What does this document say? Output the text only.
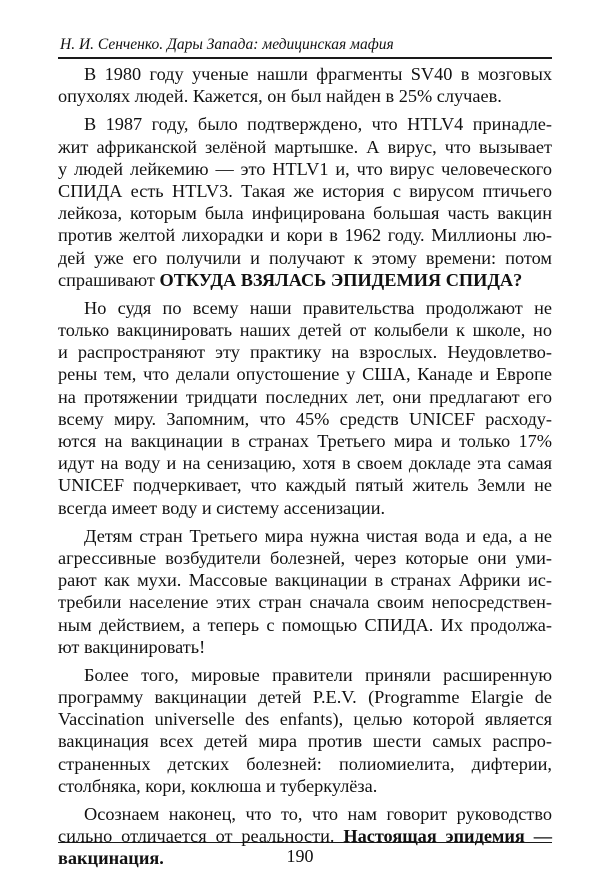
Н. И. Сенченко. Дары Запада: медицинская мафия
В 1980 году ученые нашли фрагменты SV40 в мозговых
опухолях людей. Кажется, он был найден в 25% случаев.
В 1987 году, было подтверждено, что HTLV4 принадле-
жит африканской зелёной мартышке. А вирус, что вызывает
у людей лейкемию — это HTLV1 и, что вирус человеческого
СПИДА есть HTLV3. Такая же история с вирусом птичьего
лейкоза, которым была инфицирована большая часть вакцин
против желтой лихорадки и кори в 1962 году. Миллионы лю-
дей уже его получили и получают к этому времени: потом
спрашивают ОТКУДА ВЗЯЛАСЬ ЭПИДЕМИЯ СПИДА?
Но судя по всему наши правительства продолжают не
только вакцинировать наших детей от колыбели к школе, но
и распространяют эту практику на взрослых. Неудовлетво-
рены тем, что делали опустошение у США, Канаде и Европе
на протяжении тридцати последних лет, они предлагают его
всему миру. Запомним, что 45% средств UNICEF расходу-
ются на вакцинации в странах Третьего мира и только 17%
идут на воду и на сенизацию, хотя в своем докладе эта самая
UNICEF подчеркивает, что каждый пятый житель Земли не
всегда имеет воду и систему ассенизации.
Детям стран Третьего мира нужна чистая вода и еда, а не
агрессивные возбудители болезней, через которые они уми-
рают как мухи. Массовые вакцинации в странах Африки ис-
требили население этих стран сначала своим непосредствен-
ным действием, а теперь с помощью СПИДА. Их продолжа-
ют вакцинировать!
Более того, мировые правители приняли расширенную
программу вакцинации детей P.E.V. (Programme Elargie de
Vaccination universelle des enfants), целью которой является
вакцинация всех детей мира против шести самых распро-
страненных детских болезней: полиомиелита, дифтерии,
столбняка, кори, коклюша и туберкулёза.
Осознаем наконец, что то, что нам говорит руководство
сильно отличается от реальности. Настоящая эпидемия —
вакцинация.	190
